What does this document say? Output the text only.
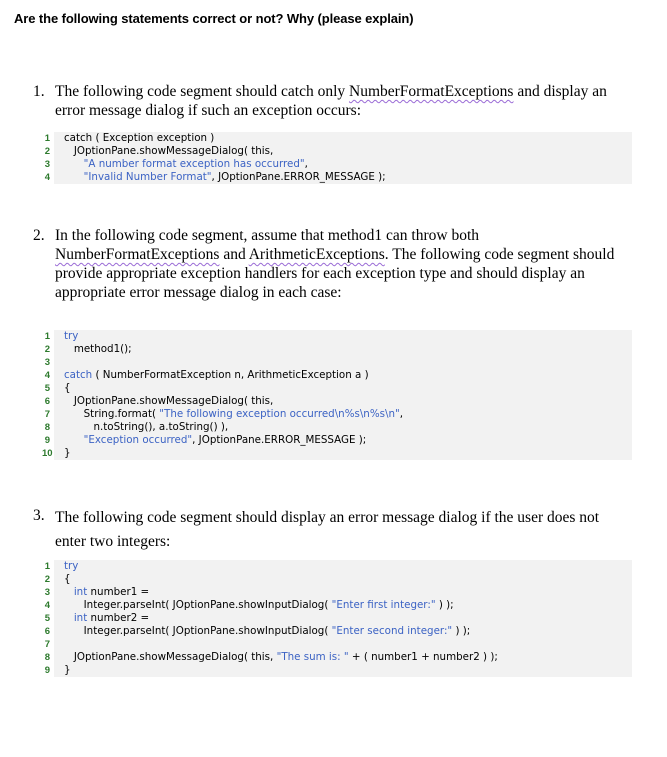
Are the following statements correct or not? Why (please explain)
1. The following code segment should catch only NumberFormatExceptions and display an error message dialog if such an exception occurs:
1 catch ( Exception exception )
2 JOptionPane.showMessageDialog( this,
3 "A number format exception has occurred",
4 "Invalid Number Format", JOptionPane.ERROR_MESSAGE );
2. In the following code segment, assume that method1 can throw both NumberFormatExceptions and ArithmeticExceptions. The following code segment should provide appropriate exception handlers for each exception type and should display an appropriate error message dialog in each case:
1 try
2 method1();
3
4 catch ( NumberFormatException n, ArithmeticException a )
5 {
6 JOptionPane.showMessageDialog( this,
7 String.format( "The following exception occurred\n%s\n%s\n",
8 n.toString(), a.toString() ),
9 "Exception occurred", JOptionPane.ERROR_MESSAGE );
10 }
3. The following code segment should display an error message dialog if the user does not enter two integers:
1 try
2 {
3 int number1 =
4 Integer.parseInt( JOptionPane.showInputDialog( "Enter first integer:" ) );
5 int number2 =
6 Integer.parseInt( JOptionPane.showInputDialog( "Enter second integer:" ) );
7
8 JOptionPane.showMessageDialog( this, "The sum is: " + ( number1 + number2 ) );
9 }
